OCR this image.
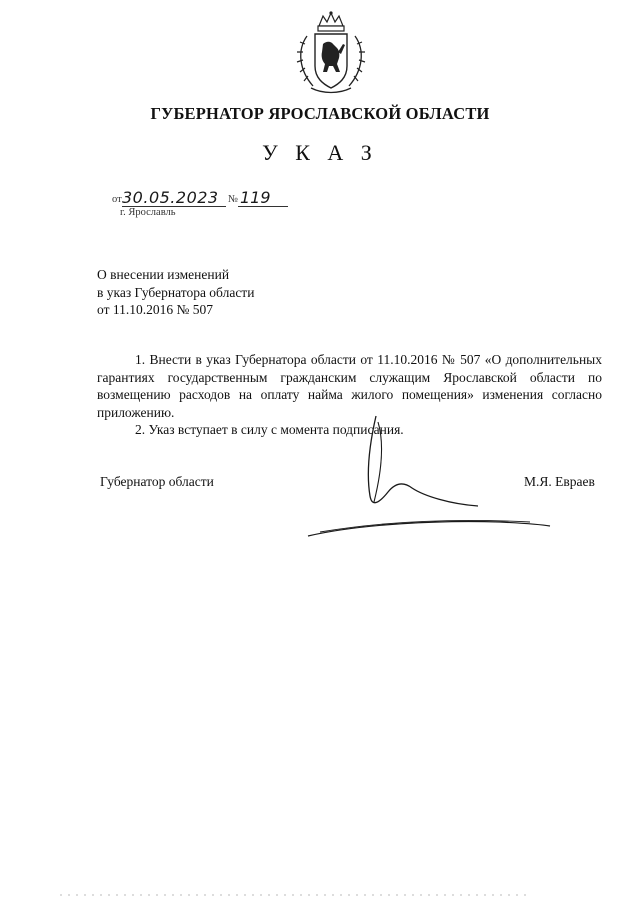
ГУБЕРНАТОР ЯРОСЛАВСКОЙ ОБЛАСТИ
У К А З
от 30.05.2023 № 119
г. Ярославль
О внесении изменений
в указ Губернатора области
от 11.10.2016 № 507

1. Внести в указ Губернатора области от 11.10.2016 № 507 «О дополнительных гарантиях государственным гражданским служащим Ярославской области по возмещению расходов на оплату найма жилого помещения» изменения согласно приложению.

2. Указ вступает в силу с момента подписания.

Губернатор области	М.Я. Евраев
